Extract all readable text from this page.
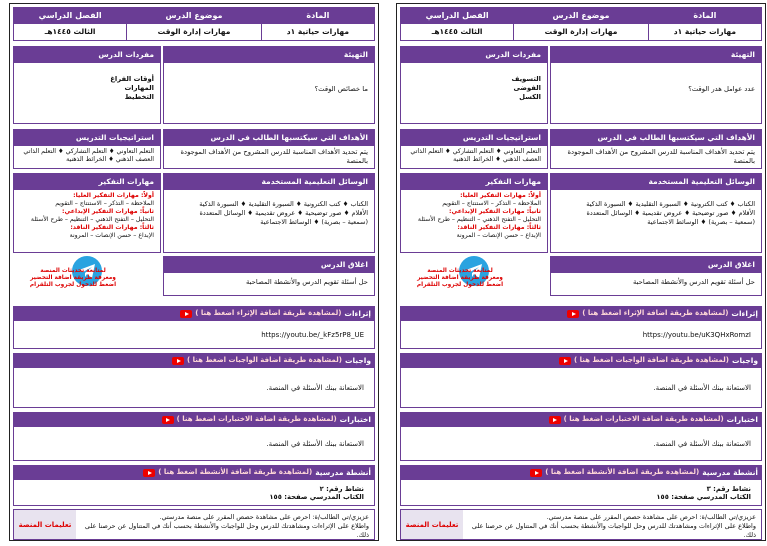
المادة
مهارات حياتية ١د
موضوع الدرس
مهارات إدارة الوقت
الفصل الدراسي
الثالث ١٤٤٥هـ
التهيئة
عدد عوامل هدر الوقت؟
مفردات الدرس
التسويف
الفوضى
الكسل
الأهداف التي سيكتسبها الطالب في الدرس
يتم تحديد الأهداف المناسبة للدرس المشروح من الأهداف الموجودة بالمنصة
استراتيجيات التدريس
التعلم التعاوني ♦ التعلم التشاركي ♦ التعلم الذاتي
العصف الذهني ♦ الخرائط الذهنية
الوسائل التعليمية المستخدمة
الكتاب ♦ كتب الكترونية ♦ السبورة التقليدية ♦ السبورة الذكية
الأقلام ♦ صور توضيحية ♦ عروض تقديمية ♦ الوسائل المتعددة
(سمعية – بصرية) ♦ الوسائط الاجتماعية
مهارات التفكير
أولاً: مهارات التفكير العليا:
الملاحظة – التذكر – الاستنتاج – التقويم
ثانياً: مهارات التفكير الإبداعي:
التحليل – التفتح الذهني – التنظيم – طرح الأسئلة
ثالثاً: مهارات التفكير الناقد:
الإبداع – حسن الإنصات – المرونة
اغلاق الدرس
حل أسئلة تقويم الدرس والأنشطة المصاحبة
إثراءات
(لمشاهدة طريقة اضافة الإثراء اضغط هنا )
https://youtu.be/uK3QHxRomzI
واجبات
(لمشاهدة طريقة اضافة الواجبات اضغط هنا )
الاستعانة ببنك الأسئلة في المنصة.
اختبارات
(لمشاهدة طريقة اضافة الاختبارات اضغط هنا )
الاستعانة ببنك الأسئلة في المنصة.
أنشطة مدرسية
(لمشاهدة طريقة اضافة الأنشطة اضغط هنا )
نشاط رقم: ٣
الكتاب المدرسي صفحة: ١٥٥
عزيزي/تي الطالب/ة: احرص على مشاهدة حصص المقرر على منصة مدرستي.
واطلاع على الإثراءات ومشاهدتك للدرس وحل للواجبات والأنشطة بحسب أنك في المتناول عن حرصنا على ذلك.
تعليمات المنصة
المادة
مهارات حياتية ١د
موضوع الدرس
مهارات إدارة الوقت
الفصل الدراسي
الثالث ١٤٤٥هـ
التهيئة
ما خصائص الوقت؟
مفردات الدرس
أوقات الفراغ
المهارات
التخطيط
الأهداف التي سيكتسبها الطالب في الدرس
يتم تحديد الأهداف المناسبة للدرس المشروح من الأهداف الموجودة بالمنصة
استراتيجيات التدريس
التعلم التعاوني ♦ التعلم التشاركي ♦ التعلم الذاتي
العصف الذهني ♦ الخرائط الذهنية
الوسائل التعليمية المستخدمة
الكتاب ♦ كتب الكترونية ♦ السبورة التقليدية ♦ السبورة الذكية
الأقلام ♦ صور توضيحية ♦ عروض تقديمية ♦ الوسائل المتعددة
(سمعية – بصرية) ♦ الوسائط الاجتماعية
مهارات التفكير
أولاً: مهارات التفكير العليا:
الملاحظة – التذكر – الاستنتاج – التقويم
ثانياً: مهارات التفكير الإبداعي:
التحليل – التفتح الذهني – التنظيم – طرح الأسئلة
ثالثاً: مهارات التفكير الناقد:
الإبداع – حسن الإنصات – المرونة
اغلاق الدرس
حل أسئلة تقويم الدرس والأنشطة المصاحبة
إثراءات
(لمشاهدة طريقة اضافة الإثراء اضغط هنا )
https://youtu.be/_kFz5rP8_UE
واجبات
(لمشاهدة طريقة اضافة الواجبات اضغط هنا )
الاستعانة ببنك الأسئلة في المنصة.
اختبارات
(لمشاهدة طريقة اضافة الاختبارات اضغط هنا )
الاستعانة ببنك الأسئلة في المنصة.
أنشطة مدرسية
(لمشاهدة طريقة اضافة الأنشطة اضغط هنا )
نشاط رقم: ٢
الكتاب المدرسي صفحة: ١٥٥
عزيزي/تي الطالب/ة: احرص على مشاهدة حصص المقرر على منصة مدرستي.
واطلاع على الإثراءات ومشاهدتك للدرس وحل للواجبات والأنشطة بحسب أنك في المتناول عن حرصنا على ذلك.
تعليمات المنصة
لمتابعة تحديثات المنصة
ومعرفة طريقة اضافة التحضير
اضغط للدخول لجروب التلقرام
لمتابعة تحديثات المنصة
ومعرفة طريقة اضافة التحضير
اضغط للدخول لجروب التلقرام
